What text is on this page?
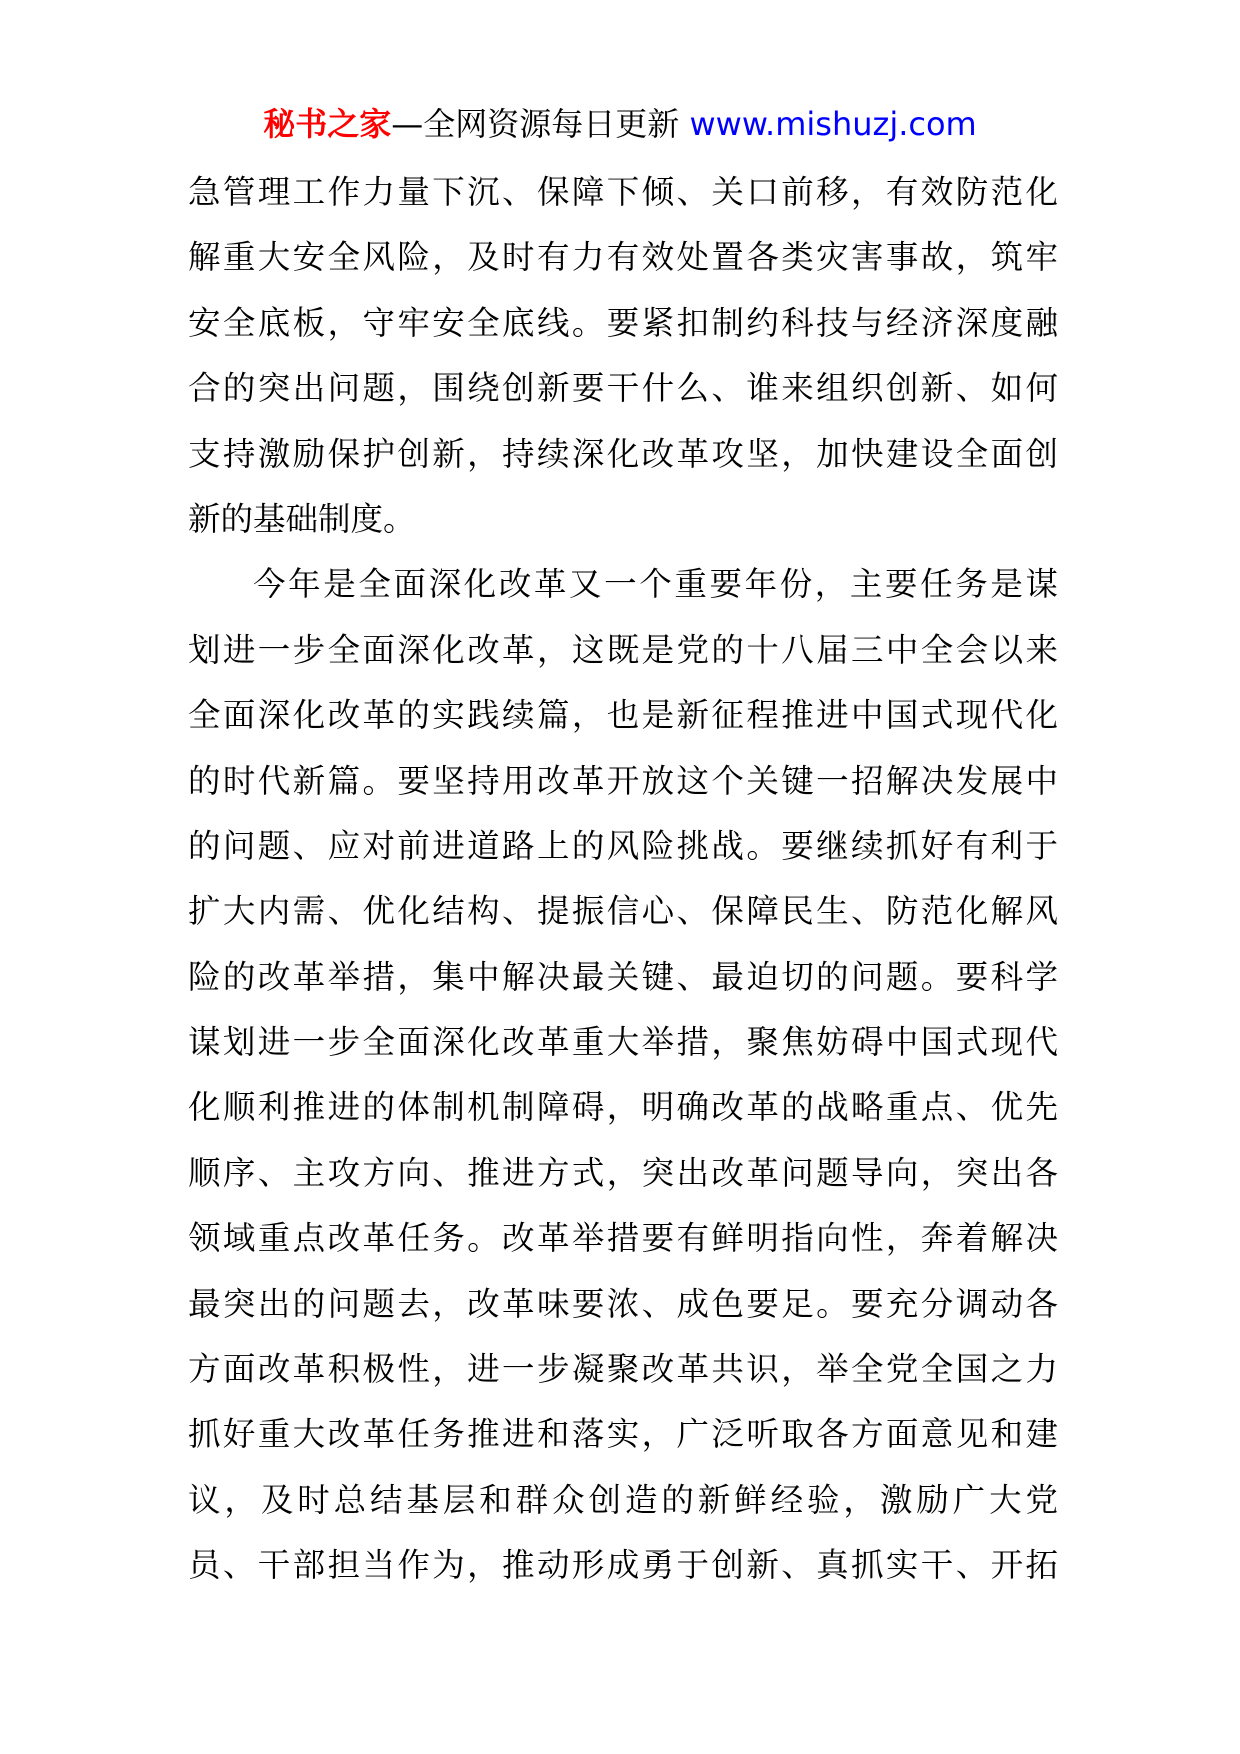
秘书之家—全网资源每日更新 www.mishuzj.com
急管理工作力量下沉、保障下倾、关口前移，有效防范化
解重大安全风险，及时有力有效处置各类灾害事故，筑牢
安全底板，守牢安全底线。要紧扣制约科技与经济深度融
合的突出问题，围绕创新要干什么、谁来组织创新、如何
支持激励保护创新，持续深化改革攻坚，加快建设全面创
新的基础制度。
今年是全面深化改革又一个重要年份，主要任务是谋
划进一步全面深化改革，这既是党的十八届三中全会以来
全面深化改革的实践续篇，也是新征程推进中国式现代化
的时代新篇。要坚持用改革开放这个关键一招解决发展中
的问题、应对前进道路上的风险挑战。要继续抓好有利于
扩大内需、优化结构、提振信心、保障民生、防范化解风
险的改革举措，集中解决最关键、最迫切的问题。要科学
谋划进一步全面深化改革重大举措，聚焦妨碍中国式现代
化顺利推进的体制机制障碍，明确改革的战略重点、优先
顺序、主攻方向、推进方式，突出改革问题导向，突出各
领域重点改革任务。改革举措要有鲜明指向性，奔着解决
最突出的问题去，改革味要浓、成色要足。要充分调动各
方面改革积极性，进一步凝聚改革共识，举全党全国之力
抓好重大改革任务推进和落实，广泛听取各方面意见和建
议，及时总结基层和群众创造的新鲜经验，激励广大党
员、干部担当作为，推动形成勇于创新、真抓实干、开拓
